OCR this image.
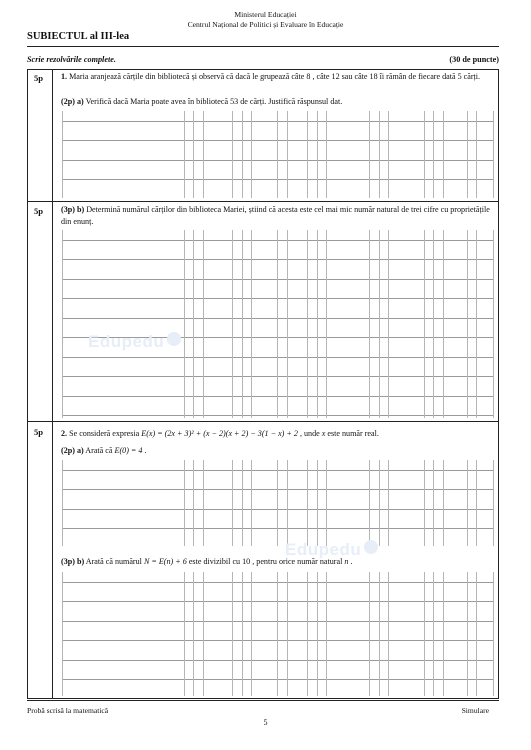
Ministerul Educației
Centrul Național de Politici și Evaluare în Educație
SUBIECTUL al III-lea
Scrie rezolvările complete.	(30 de puncte)
5p
5p
5p
1. Maria aranjează cărțile din bibliotecă și observă că dacă le grupează câte 8 , câte 12 sau câte 18 îi rămân de fiecare dată 5 cărți.
(2p) a) Verifică dacă Maria poate avea în bibliotecă 53 de cărți. Justifică răspunsul dat.
(3p) b) Determină numărul cărților din biblioteca Mariei, știind că acesta este cel mai mic număr natural de trei cifre cu proprietățile din enunț.
2. Se consideră expresia E(x) = (2x + 3)² + (x − 2)(x + 2) − 3(1 − x) + 2 , unde x este număr real.
(2p) a) Arată că E(0) = 4 .
(3p) b) Arată că numărul N = E(n) + 6 este divizibil cu 10 , pentru orice număr natural n .
Edupedu
Edupedu
Probă scrisă la matematică	Simulare
5
